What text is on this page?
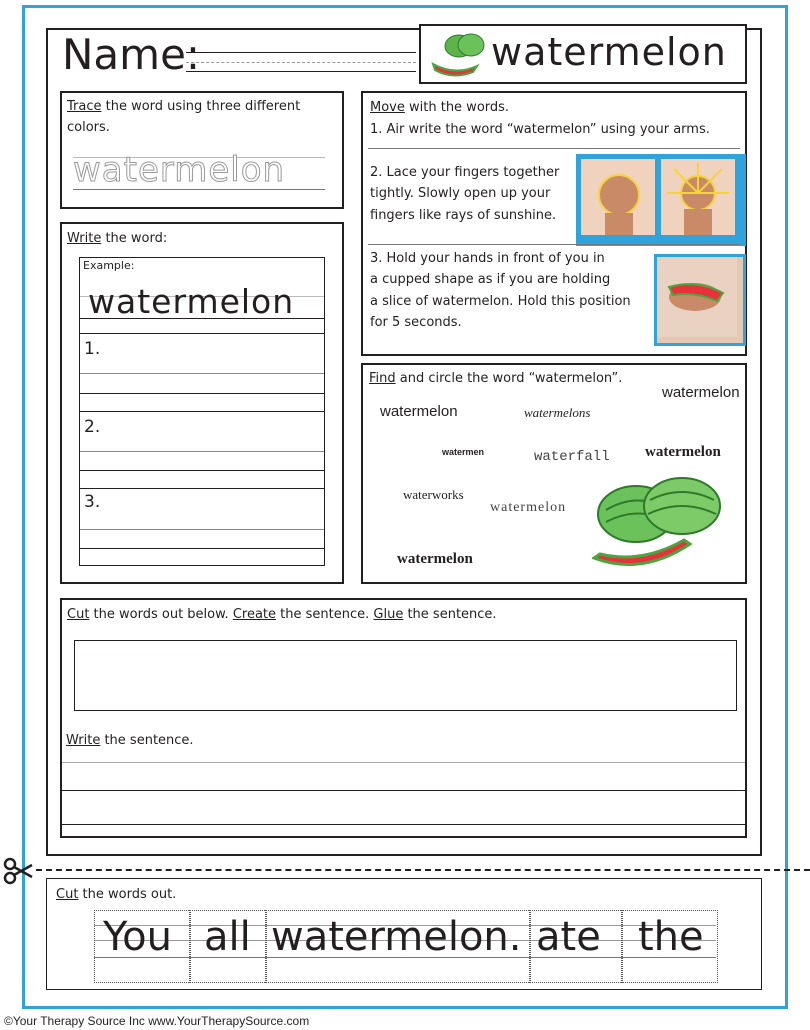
Name:	watermelon
Trace the word using three different
colors.
watermelon
Write the word:
Example:
watermelon
1.
2.
3.
Move with the words.
1. Air write the word “watermelon” using your arms.
2. Lace your fingers together
tightly. Slowly open up your
fingers like rays of sunshine.
3. Hold your hands in front of you in
a cupped shape as if you are holding
a slice of watermelon. Hold this position
for 5 seconds.
Find and circle the word “watermelon”.
watermelon
watermelon	watermelons
watermen	waterfall watermelon
waterworks
watermelon
watermelon
Cut the words out below. Create the sentence. Glue the sentence.
Write the sentence.
Cut the words out.
You all watermelon. ate the
©Your Therapy Source Inc www.YourTherapySource.com
